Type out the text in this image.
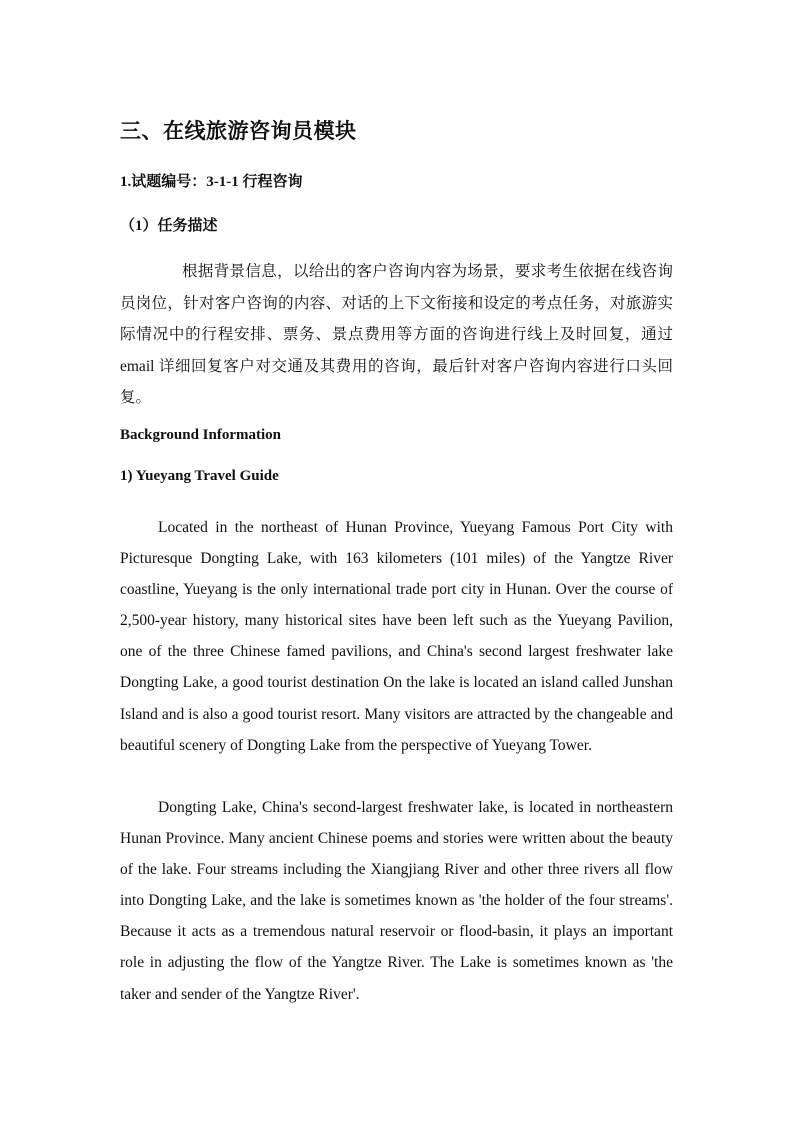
三、在线旅游咨询员模块
1.试题编号：3-1-1 行程咨询
（1）任务描述

根据背景信息，以给出的客户咨询内容为场景，要求考生依据在线咨询员岗位，针对客户咨询的内容、对话的上下文衔接和设定的考点任务，对旅游实际情况中的行程安排、票务、景点费用等方面的咨询进行线上及时回复，通过email 详细回复客户对交通及其费用的咨询，最后针对客户咨询内容进行口头回复。

Background Information
1) Yueyang Travel Guide

Located in the northeast of Hunan Province, Yueyang Famous Port City with Picturesque Dongting Lake, with 163 kilometers (101 miles) of the Yangtze River coastline, Yueyang is the only international trade port city in Hunan. Over the course of 2,500-year history, many historical sites have been left such as the Yueyang Pavilion, one of the three Chinese famed pavilions, and China's second largest freshwater lake Dongting Lake, a good tourist destination On the lake is located an island called Junshan Island and is also a good tourist resort. Many visitors are attracted by the changeable and beautiful scenery of Dongting Lake from the perspective of Yueyang Tower.

Dongting Lake, China's second-largest freshwater lake, is located in northeastern Hunan Province. Many ancient Chinese poems and stories were written about the beauty of the lake. Four streams including the Xiangjiang River and other three rivers all flow into Dongting Lake, and the lake is sometimes known as 'the holder of the four streams'. Because it acts as a tremendous natural reservoir or flood-basin, it plays an important role in adjusting the flow of the Yangtze River. The Lake is sometimes known as 'the taker and sender of the Yangtze River'.
